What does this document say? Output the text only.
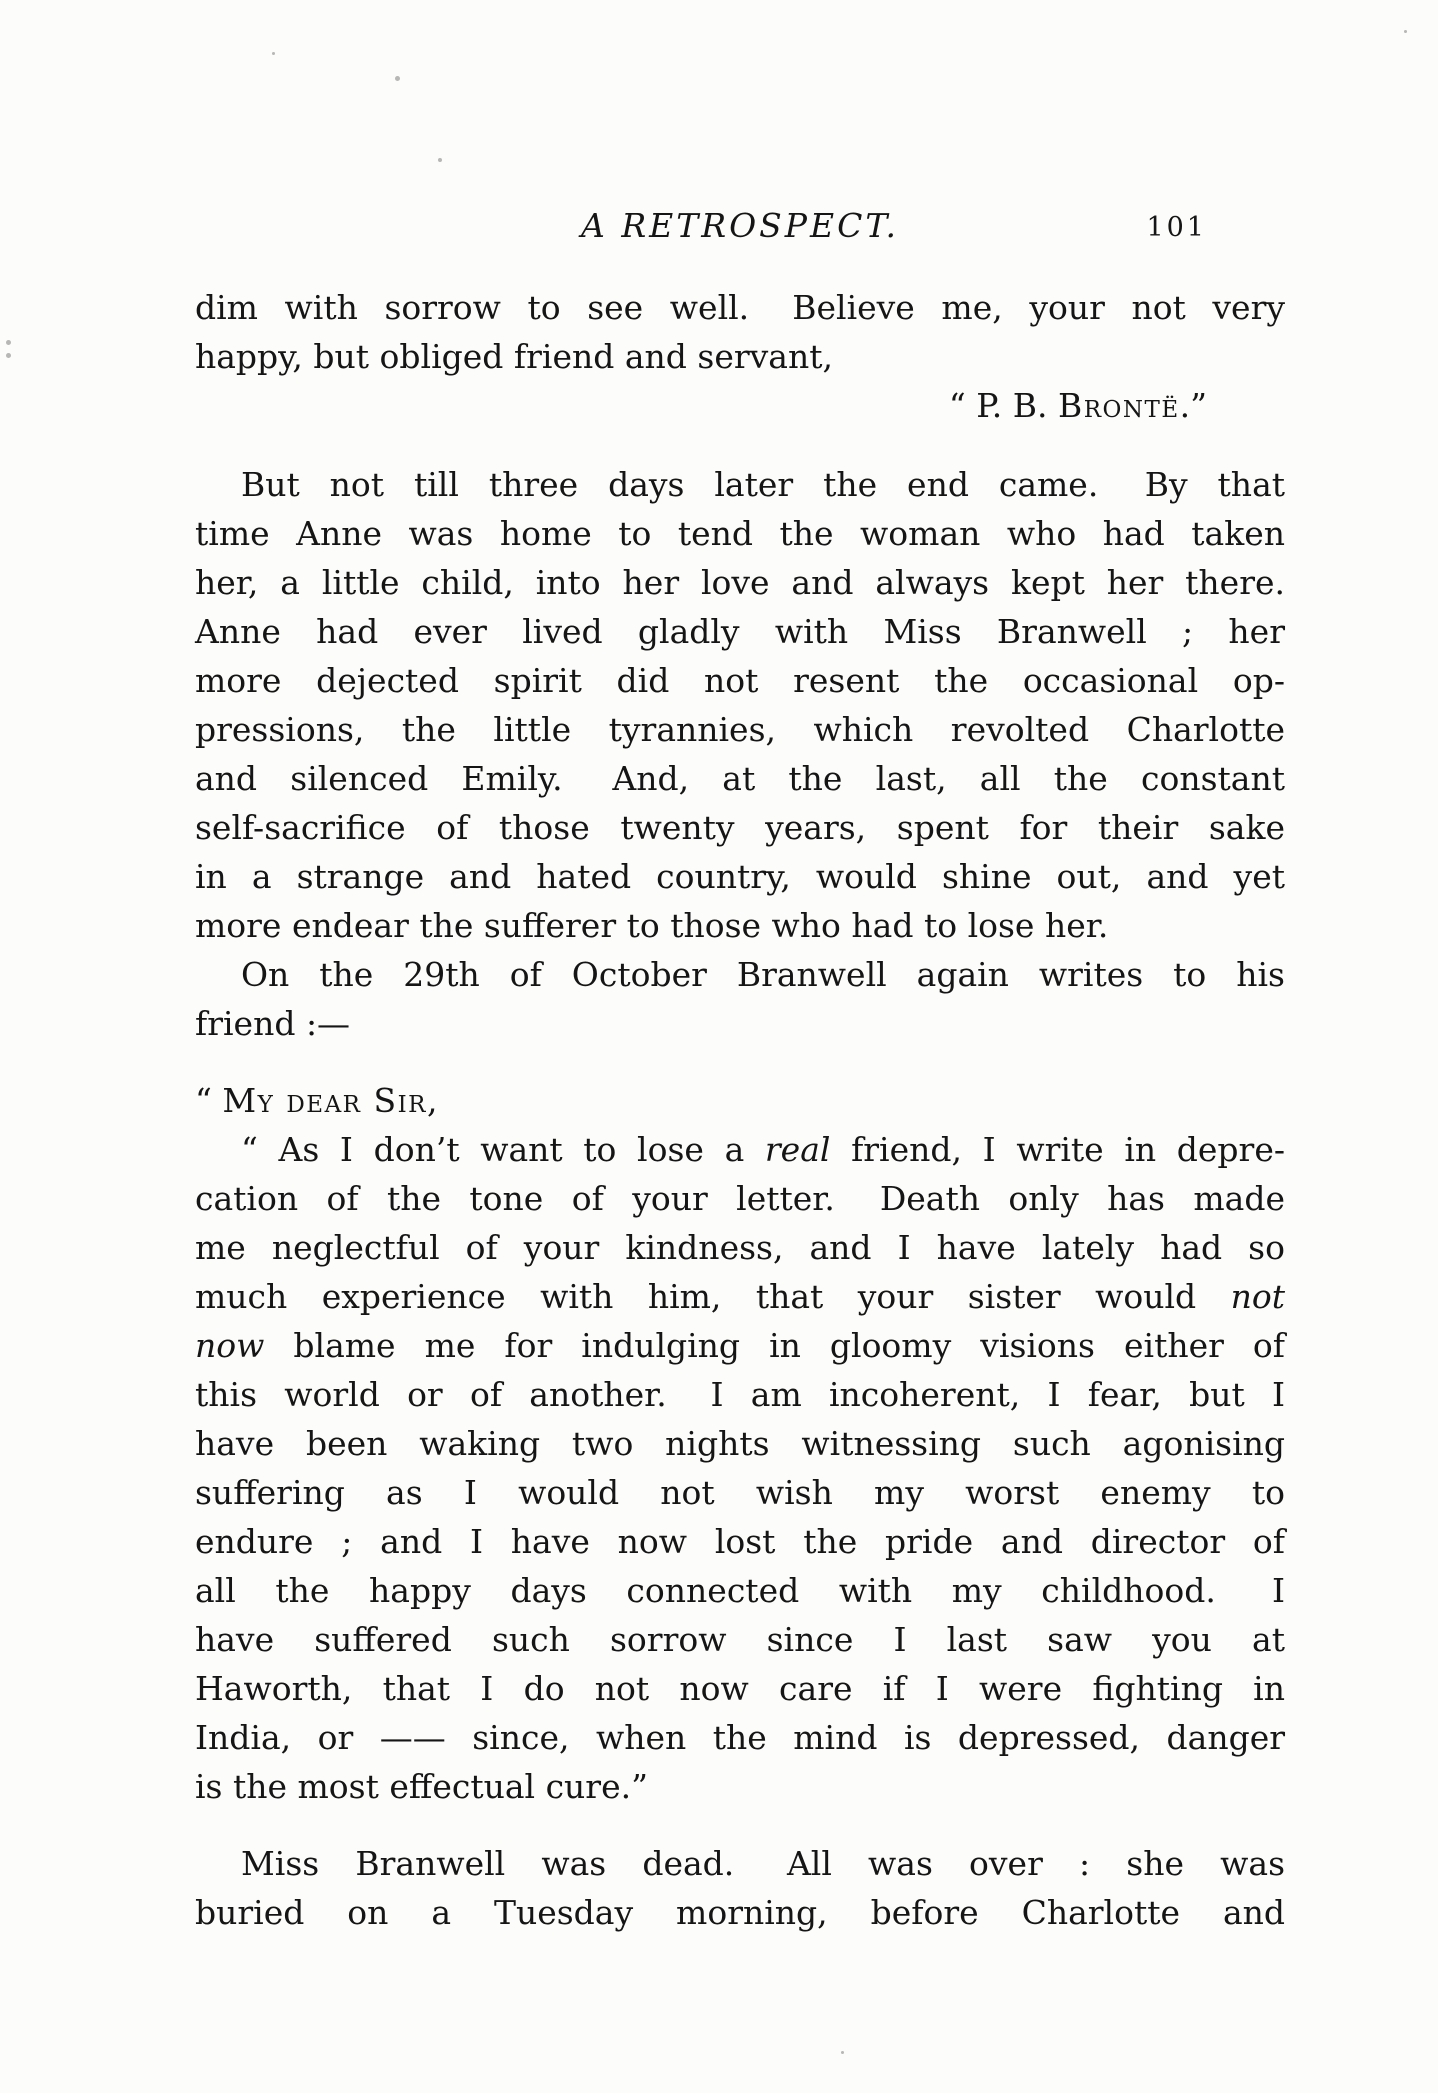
A RETROSPECT.	101
dim with sorrow to see well.  Believe me, your not very
happy, but obliged friend and servant,
“ P. B. Brontë.”
But not till three days later the end came.  By that
time Anne was home to tend the woman who had taken
her, a little child, into her love and always kept her there.
Anne had ever lived gladly with Miss Branwell ; her
more dejected spirit did not resent the occasional op-
pressions, the little tyrannies, which revolted Charlotte
and silenced Emily.  And, at the last, all the constant
self-sacrifice of those twenty years, spent for their sake
in a strange and hated country, would shine out, and yet
more endear the sufferer to those who had to lose her.
On the 29th of October Branwell again writes to his
friend :—
“ My dear Sir,
“ As I don’t want to lose a real friend, I write in depre-
cation of the tone of your letter.  Death only has made
me neglectful of your kindness, and I have lately had so
much experience with him, that your sister would not
now blame me for indulging in gloomy visions either of
this world or of another.  I am incoherent, I fear, but I
have been waking two nights witnessing such agonising
suffering as I would not wish my worst enemy to
endure ; and I have now lost the pride and director of
all the happy days connected with my childhood.  I
have suffered such sorrow since I last saw you at
Haworth, that I do not now care if I were fighting in
India, or —— since, when the mind is depressed, danger
is the most effectual cure.”
Miss Branwell was dead.  All was over : she was
buried on a Tuesday morning, before Charlotte and
